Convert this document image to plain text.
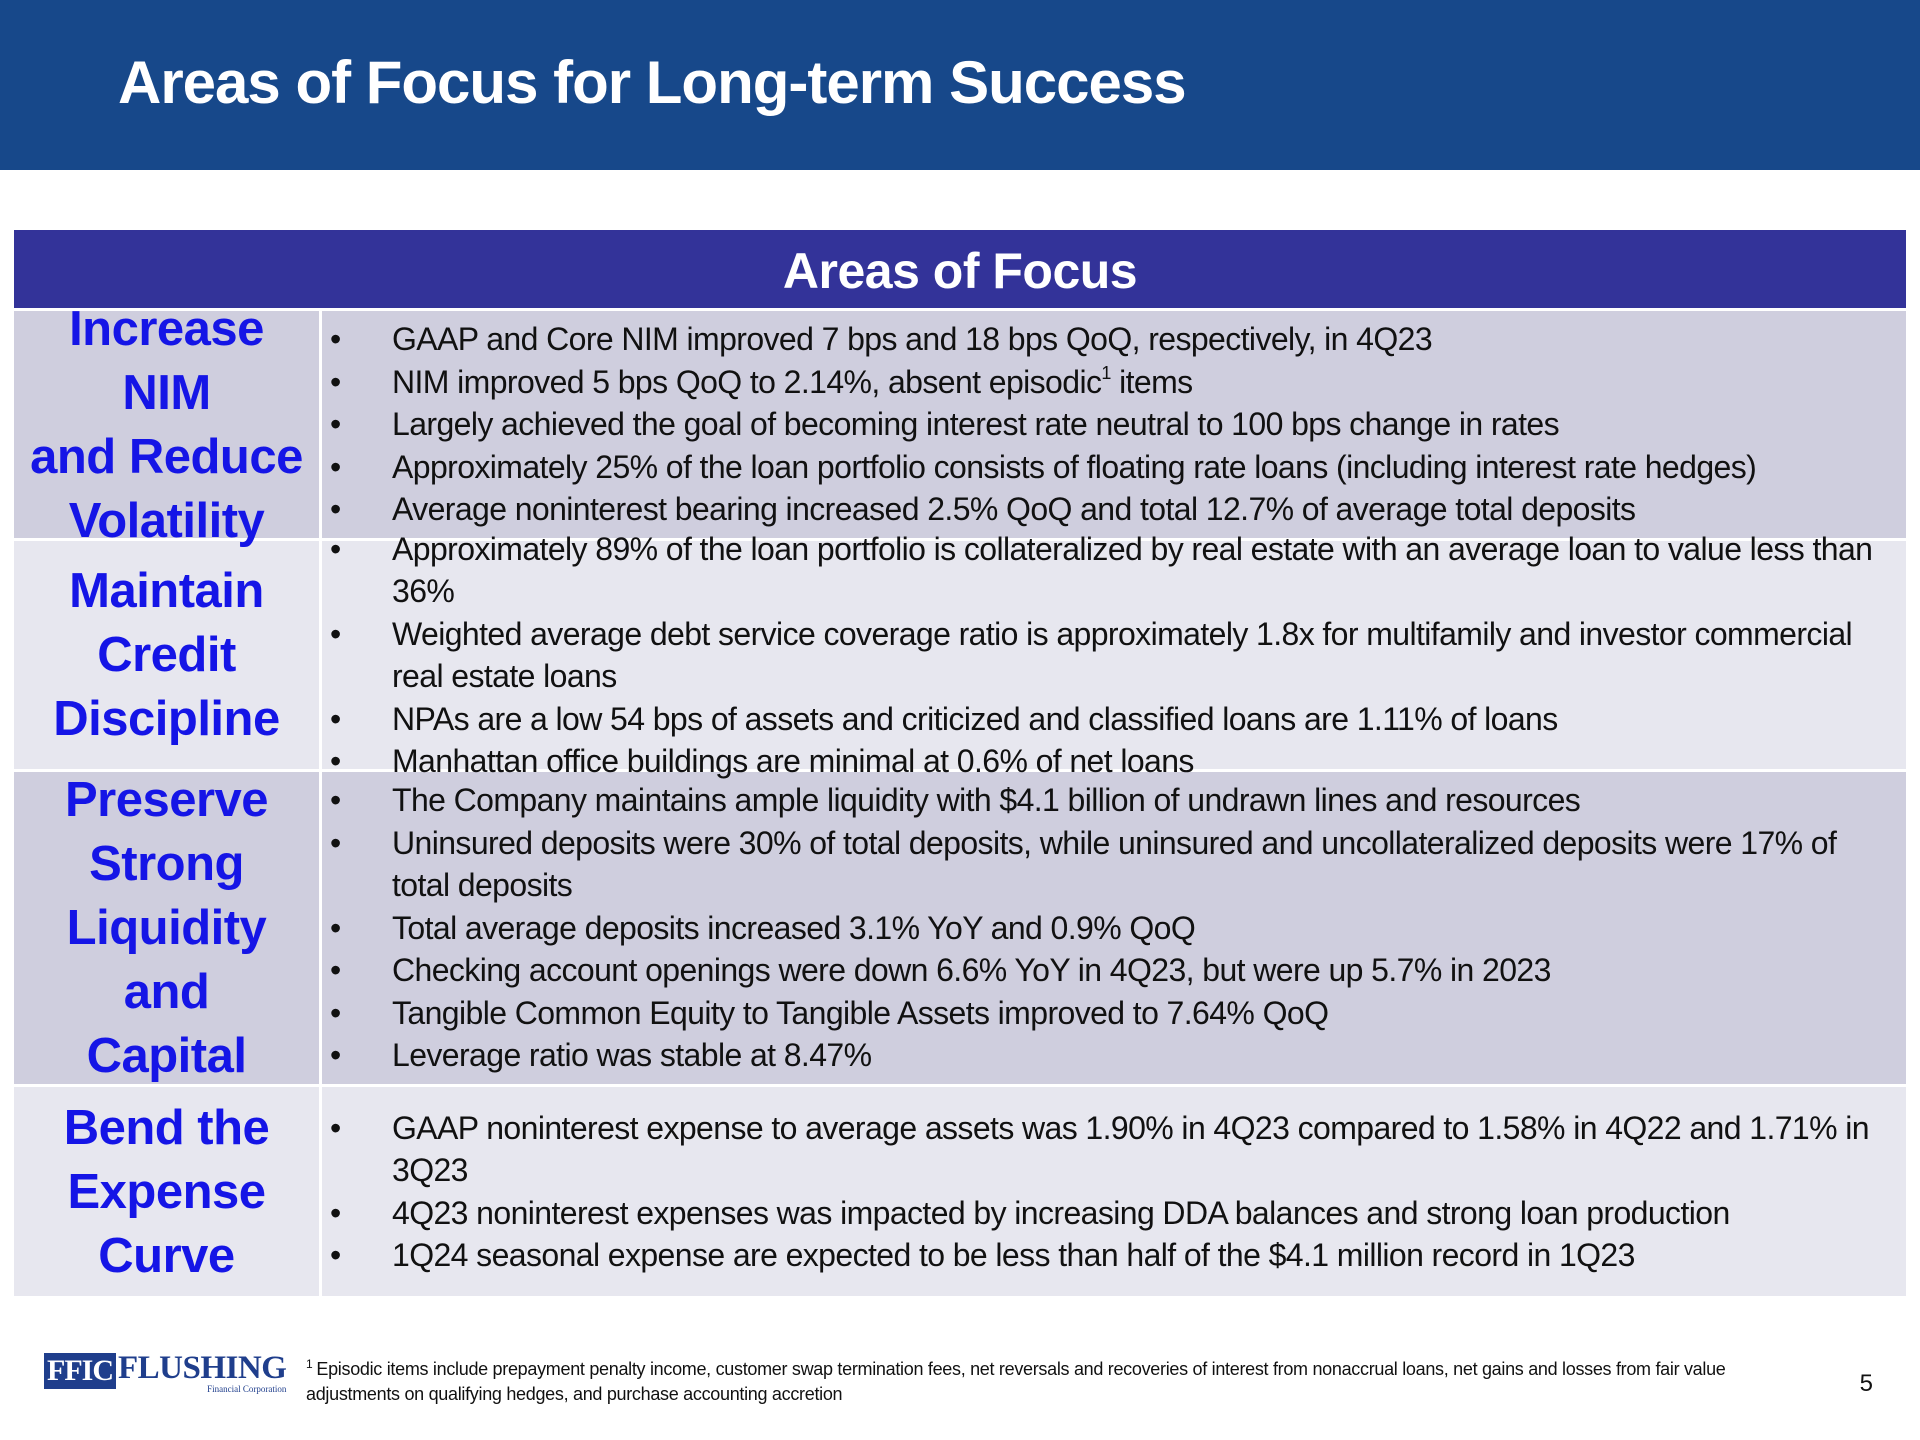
Areas of Focus for Long-term Success
Areas of Focus
Increase NIM
and Reduce
Volatility
•	GAAP and Core NIM improved 7 bps and 18 bps QoQ, respectively, in 4Q23
•	NIM improved 5 bps QoQ to 2.14%, absent episodic$^1$ items
•	Largely achieved the goal of becoming interest rate neutral to 100 bps change in rates
•	Approximately 25% of the loan portfolio consists of floating rate loans (including interest rate hedges)
•	Average noninterest bearing increased 2.5% QoQ and total 12.7% of average total deposits
Maintain
Credit
Discipline
•	Approximately 89% of the loan portfolio is collateralized by real estate with an average loan to value less than 36%
•	Weighted average debt service coverage ratio is approximately 1.8x for multifamily and investor commercial real estate loans
•	NPAs are a low 54 bps of assets and criticized and classified loans are 1.11% of loans
•	Manhattan office buildings are minimal at 0.6% of net loans
Preserve
Strong
Liquidity and
Capital
•	The Company maintains ample liquidity with $4.1 billion of undrawn lines and resources
•	Uninsured deposits were 30% of total deposits, while uninsured and uncollateralized deposits were 17% of total deposits
•	Total average deposits increased 3.1% YoY and 0.9% QoQ
•	Checking account openings were down 6.6% YoY in 4Q23, but were up 5.7% in 2023
•	Tangible Common Equity to Tangible Assets improved to 7.64% QoQ
•	Leverage ratio was stable at 8.47%
Bend the
Expense
Curve
•	GAAP noninterest expense to average assets was 1.90% in 4Q23 compared to 1.58% in 4Q22 and 1.71% in 3Q23
•	4Q23 noninterest expenses was impacted by increasing DDA balances and strong loan production
•	1Q24 seasonal expense are expected to be less than half of the $4.1 million record in 1Q23
FFIC FLUSHING
Financial Corporation
$^1$ Episodic items include prepayment penalty income, customer swap termination fees, net reversals and recoveries of interest from nonaccrual loans, net gains and losses from fair value adjustments on qualifying hedges, and purchase accounting accretion	5
